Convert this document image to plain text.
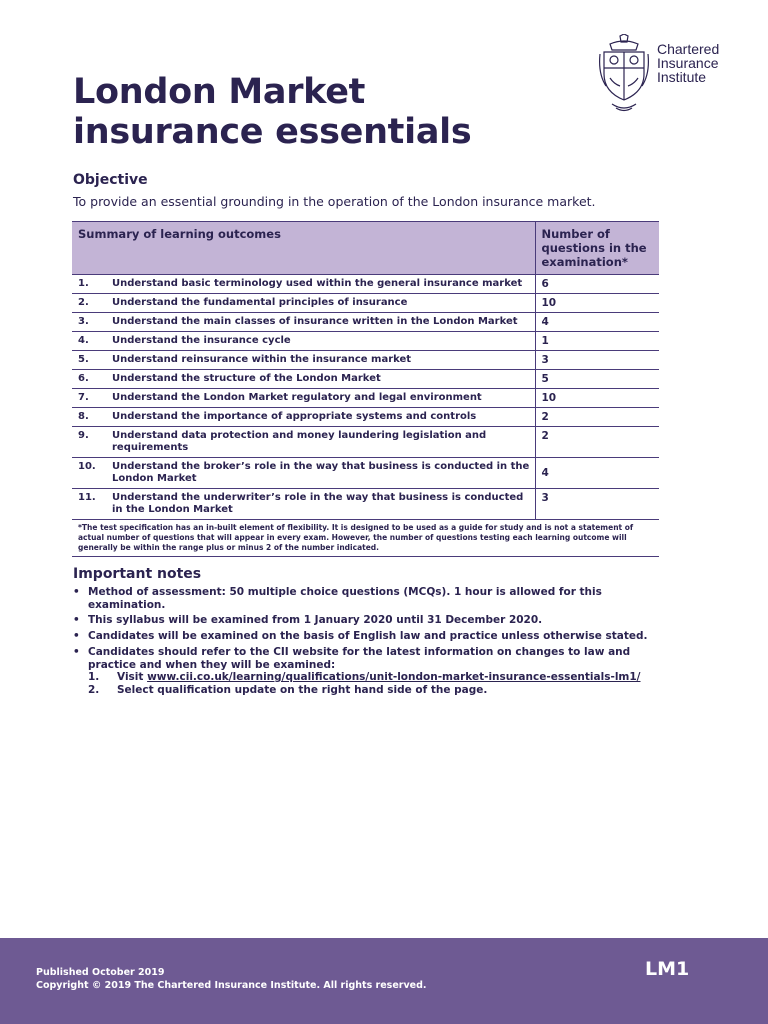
Chartered
Insurance
Institute
London Market
insurance essentials
Objective
To provide an essential grounding in the operation of the London insurance market.
Summary of learning outcomes		Number of questions in the examination*
1.	Understand basic terminology used within the general insurance market	6
2.	Understand the fundamental principles of insurance	10
3.	Understand the main classes of insurance written in the London Market	4
4.	Understand the insurance cycle	1
5.	Understand reinsurance within the insurance market	3
6.	Understand the structure of the London Market	5
7.	Understand the London Market regulatory and legal environment	10
8.	Understand the importance of appropriate systems and controls	2
9.	Understand data protection and money laundering legislation and requirements	2
10.	Understand the broker’s role in the way that business is conducted in the London Market	4
11.	Understand the underwriter’s role in the way that business is conducted in the London Market	3
*The test specification has an in-built element of flexibility. It is designed to be used as a guide for study and is not a statement of actual number of questions that will appear in every exam. However, the number of questions testing each learning outcome will generally be within the range plus or minus 2 of the number indicated.		
Important notes
• Method of assessment: 50 multiple choice questions (MCQs). 1 hour is allowed for this examination.
• This syllabus will be examined from 1 January 2020 until 31 December 2020.
• Candidates will be examined on the basis of English law and practice unless otherwise stated.
• Candidates should refer to the CII website for the latest information on changes to law and practice and when they will be examined:
1. Visit www.cii.co.uk/learning/qualifications/unit-london-market-insurance-essentials-lm1/
2. Select qualification update on the right hand side of the page.
Published October 2019
Copyright © 2019 The Chartered Insurance Institute. All rights reserved.
LM1
